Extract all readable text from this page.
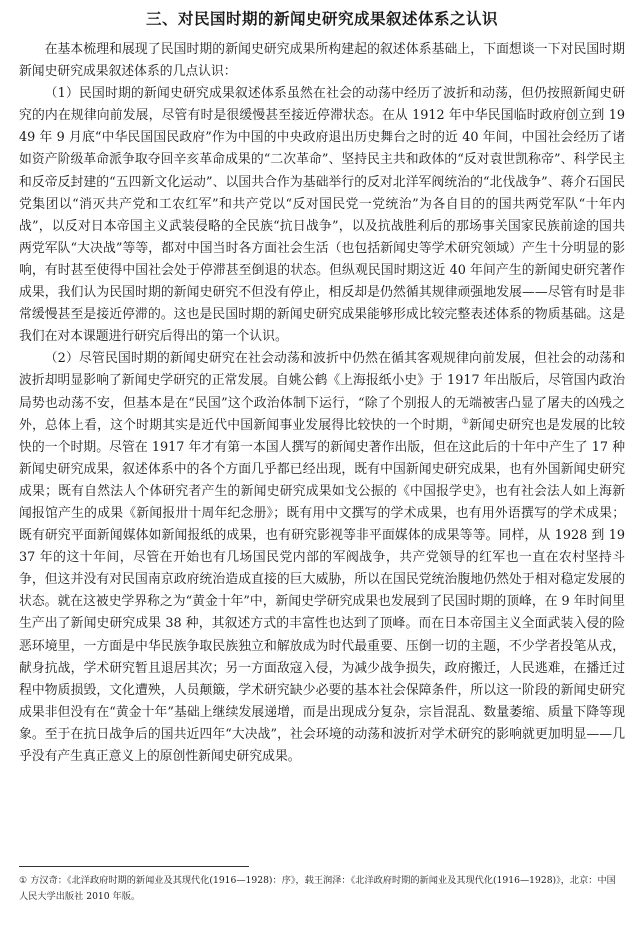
三、对民国时期的新闻史研究成果叙述体系之认识

在基本梳理和展现了民国时期的新闻史研究成果所构建起的叙述体系基础上，下面想谈一下对民国时期新闻史研究成果叙述体系的几点认识：

（1）民国时期的新闻史研究成果叙述体系虽然在社会的动荡中经历了波折和动荡，但仍按照新闻史研究的内在规律向前发展，尽管有时是很缓慢甚至接近停滞状态。在从 1912 年中华民国临时政府创立到 1949 年 9 月底“中华民国国民政府”作为中国的中央政府退出历史舞台之时的近 40 年间，中国社会经历了诸如资产阶级革命派争取夺回辛亥革命成果的“二次革命”、坚持民主共和政体的“反对袁世凯称帝”、科学民主和反帝反封建的“五四新文化运动”、以国共合作为基础举行的反对北洋军阀统治的“北伐战争”、蒋介石国民党集团以“消灭共产党和工农红军”和共产党以“反对国民党一党统治”为各自目的的国共两党军队“十年内战”，以反对日本帝国主义武装侵略的全民族“抗日战争”，以及抗战胜利后的那场事关国家民族前途的国共两党军队“大决战”等等，都对中国当时各方面社会生活（也包括新闻史等学术研究领域）产生十分明显的影响，有时甚至使得中国社会处于停滞甚至倒退的状态。但纵观民国时期这近 40 年间产生的新闻史研究著作成果，我们认为民国时期的新闻史研究不但没有停止，相反却是仍然循其规律顽强地发展——尽管有时是非常缓慢甚至是接近停滞的。这也是民国时期的新闻史研究成果能够形成比较完整表述体系的物质基础。这是我们在对本课题进行研究后得出的第一个认识。

（2）尽管民国时期的新闻史研究在社会动荡和波折中仍然在循其客观规律向前发展，但社会的动荡和波折却明显影响了新闻史学研究的正常发展。自姚公鹤《上海报纸小史》于 1917 年出版后，尽管国内政治局势也动荡不安，但基本是在“民国”这个政治体制下运行，“除了个别报人的无端被害凸显了屠夫的凶残之外，总体上看，这个时期其实是近代中国新闻事业发展得比较快的一个时期，①新闻史研究也是发展的比较快的一个时期。尽管在 1917 年才有第一本国人撰写的新闻史著作出版，但在这此后的十年中产生了 17 种新闻史研究成果，叙述体系中的各个方面几乎都已经出现，既有中国新闻史研究成果，也有外国新闻史研究成果；既有自然法人个体研究者产生的新闻史研究成果如戈公振的《中国报学史》，也有社会法人如上海新闻报馆产生的成果《新闻报卅十周年纪念册》；既有用中文撰写的学术成果，也有用外语撰写的学术成果；既有研究平面新闻媒体如新闻报纸的成果，也有研究影视等非平面媒体的成果等等。同样，从 1928 到 1937 年的这十年间，尽管在开始也有几场国民党内部的军阀战争，共产党领导的红军也一直在农村坚持斗争，但这并没有对民国南京政府统治造成直接的巨大威胁，所以在国民党统治腹地仍然处于相对稳定发展的状态。就在这被史学界称之为“黄金十年”中，新闻史学研究成果也发展到了民国时期的顶峰，在 9 年时间里生产出了新闻史研究成果 38 种，其叙述方式的丰富性也达到了顶峰。而在日本帝国主义全面武装入侵的险恶环境里，一方面是中华民族争取民族独立和解放成为时代最重要、压倒一切的主题，不少学者投笔从戎，献身抗战，学术研究暂且退居其次；另一方面敌寇入侵，为减少战争损失，政府搬迁，人民逃难，在播迁过程中物质损毁，文化遭殃，人员颠簸，学术研究缺少必要的基本社会保障条件，所以这一阶段的新闻史研究成果非但没有在“黄金十年”基础上继续发展递增，而是出现成分复杂，宗旨混乱、数量萎缩、质量下降等现象。至于在抗日战争后的国共近四年“大决战”，社会环境的动荡和波折对学术研究的影响就更加明显——几乎没有产生真正意义上的原创性新闻史研究成果。

① 方汉奇：《北洋政府时期的新闻业及其现代化(1916—1928)：序》，载王润泽：《北洋政府时期的新闻业及其现代化(1916—1928)》，北京：中国人民大学出版社 2010 年版。
